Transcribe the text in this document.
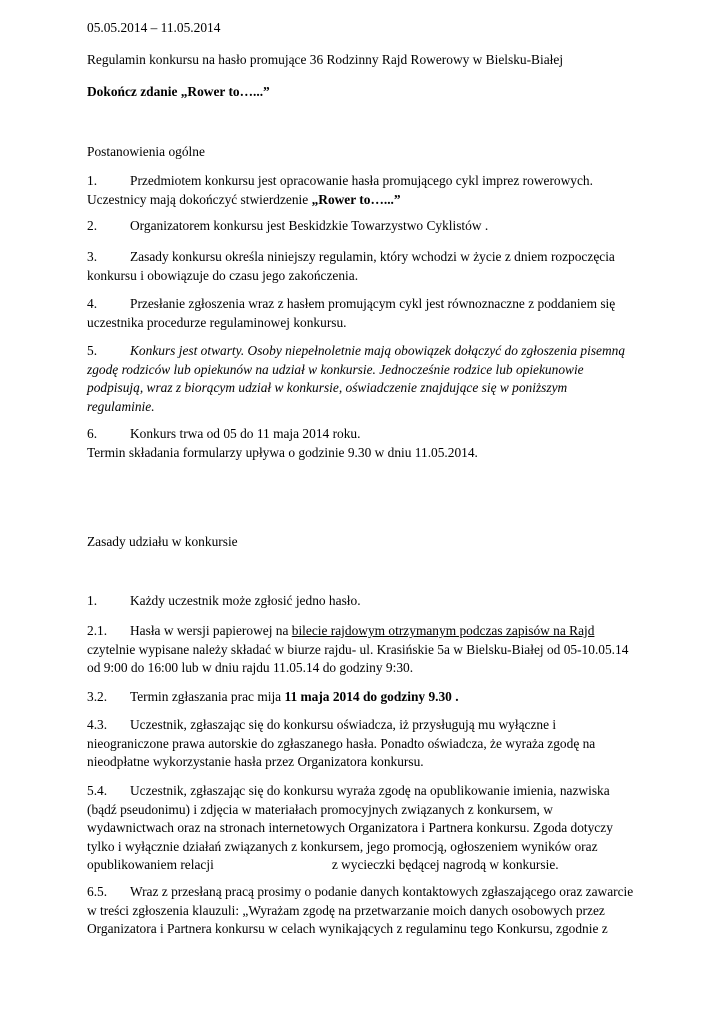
05.05.2014 – 11.05.2014

Regulamin konkursu na hasło promujące 36 Rodzinny Rajd Rowerowy w Bielsku-Białej

Dokończ zdanie „Rower to…...”

Postanowienia ogólne

1. Przedmiotem konkursu jest opracowanie hasła promującego cykl imprez rowerowych.
Uczestnicy mają dokończyć stwierdzenie „Rower to…...”
2. Organizatorem konkursu jest Beskidzkie Towarzystwo Cyklistów .
3. Zasady konkursu określa niniejszy regulamin, który wchodzi w życie z dniem rozpoczęcia
konkursu i obowiązuje do czasu jego zakończenia.
4. Przesłanie zgłoszenia wraz z hasłem promującym cykl jest równoznaczne z poddaniem się
uczestnika procedurze regulaminowej konkursu.
5. Konkurs jest otwarty. Osoby niepełnoletnie mają obowiązek dołączyć do zgłoszenia pisemną
zgodę rodziców lub opiekunów na udział w konkursie. Jednocześnie rodzice lub opiekunowie
podpisują, wraz z biorącym udział w konkursie, oświadczenie znajdujące się w poniższym
regulaminie.
6. Konkurs trwa od 05 do 11 maja 2014 roku.
Termin składania formularzy upływa o godzinie 9.30 w dniu 11.05.2014.

Zasady udziału w konkursie

1. Każdy uczestnik może zgłosić jedno hasło.
2.1. Hasła w wersji papierowej na bilecie rajdowym otrzymanym podczas zapisów na Rajd
czytelnie wypisane należy składać w biurze rajdu- ul. Krasińskie 5a w Bielsku-Białej od 05-10.05.14
od 9:00 do 16:00 lub w dniu rajdu 11.05.14 do godziny 9:30.
3.2. Termin zgłaszania prac mija 11 maja 2014 do godziny 9.30 .
4.3. Uczestnik, zgłaszając się do konkursu oświadcza, iż przysługują mu wyłączne i
nieograniczone prawa autorskie do zgłaszanego hasła. Ponadto oświadcza, że wyraża zgodę na
nieodpłatne wykorzystanie hasła przez Organizatora konkursu.
5.4. Uczestnik, zgłaszając się do konkursu wyraża zgodę na opublikowanie imienia, nazwiska
(bądź pseudonimu) i zdjęcia w materiałach promocyjnych związanych z konkursem, w
wydawnictwach oraz na stronach internetowych Organizatora i Partnera konkursu. Zgoda dotyczy
tylko i wyłącznie działań związanych z konkursem, jego promocją, ogłoszeniem wyników oraz
opublikowaniem relacji	z wycieczki będącej nagrodą w konkursie.
6.5. Wraz z przesłaną pracą prosimy o podanie danych kontaktowych zgłaszającego oraz zawarcie
w treści zgłoszenia klauzuli: „Wyrażam zgodę na przetwarzanie moich danych osobowych przez
Organizatora i Partnera konkursu w celach wynikających z regulaminu tego Konkursu, zgodnie z
